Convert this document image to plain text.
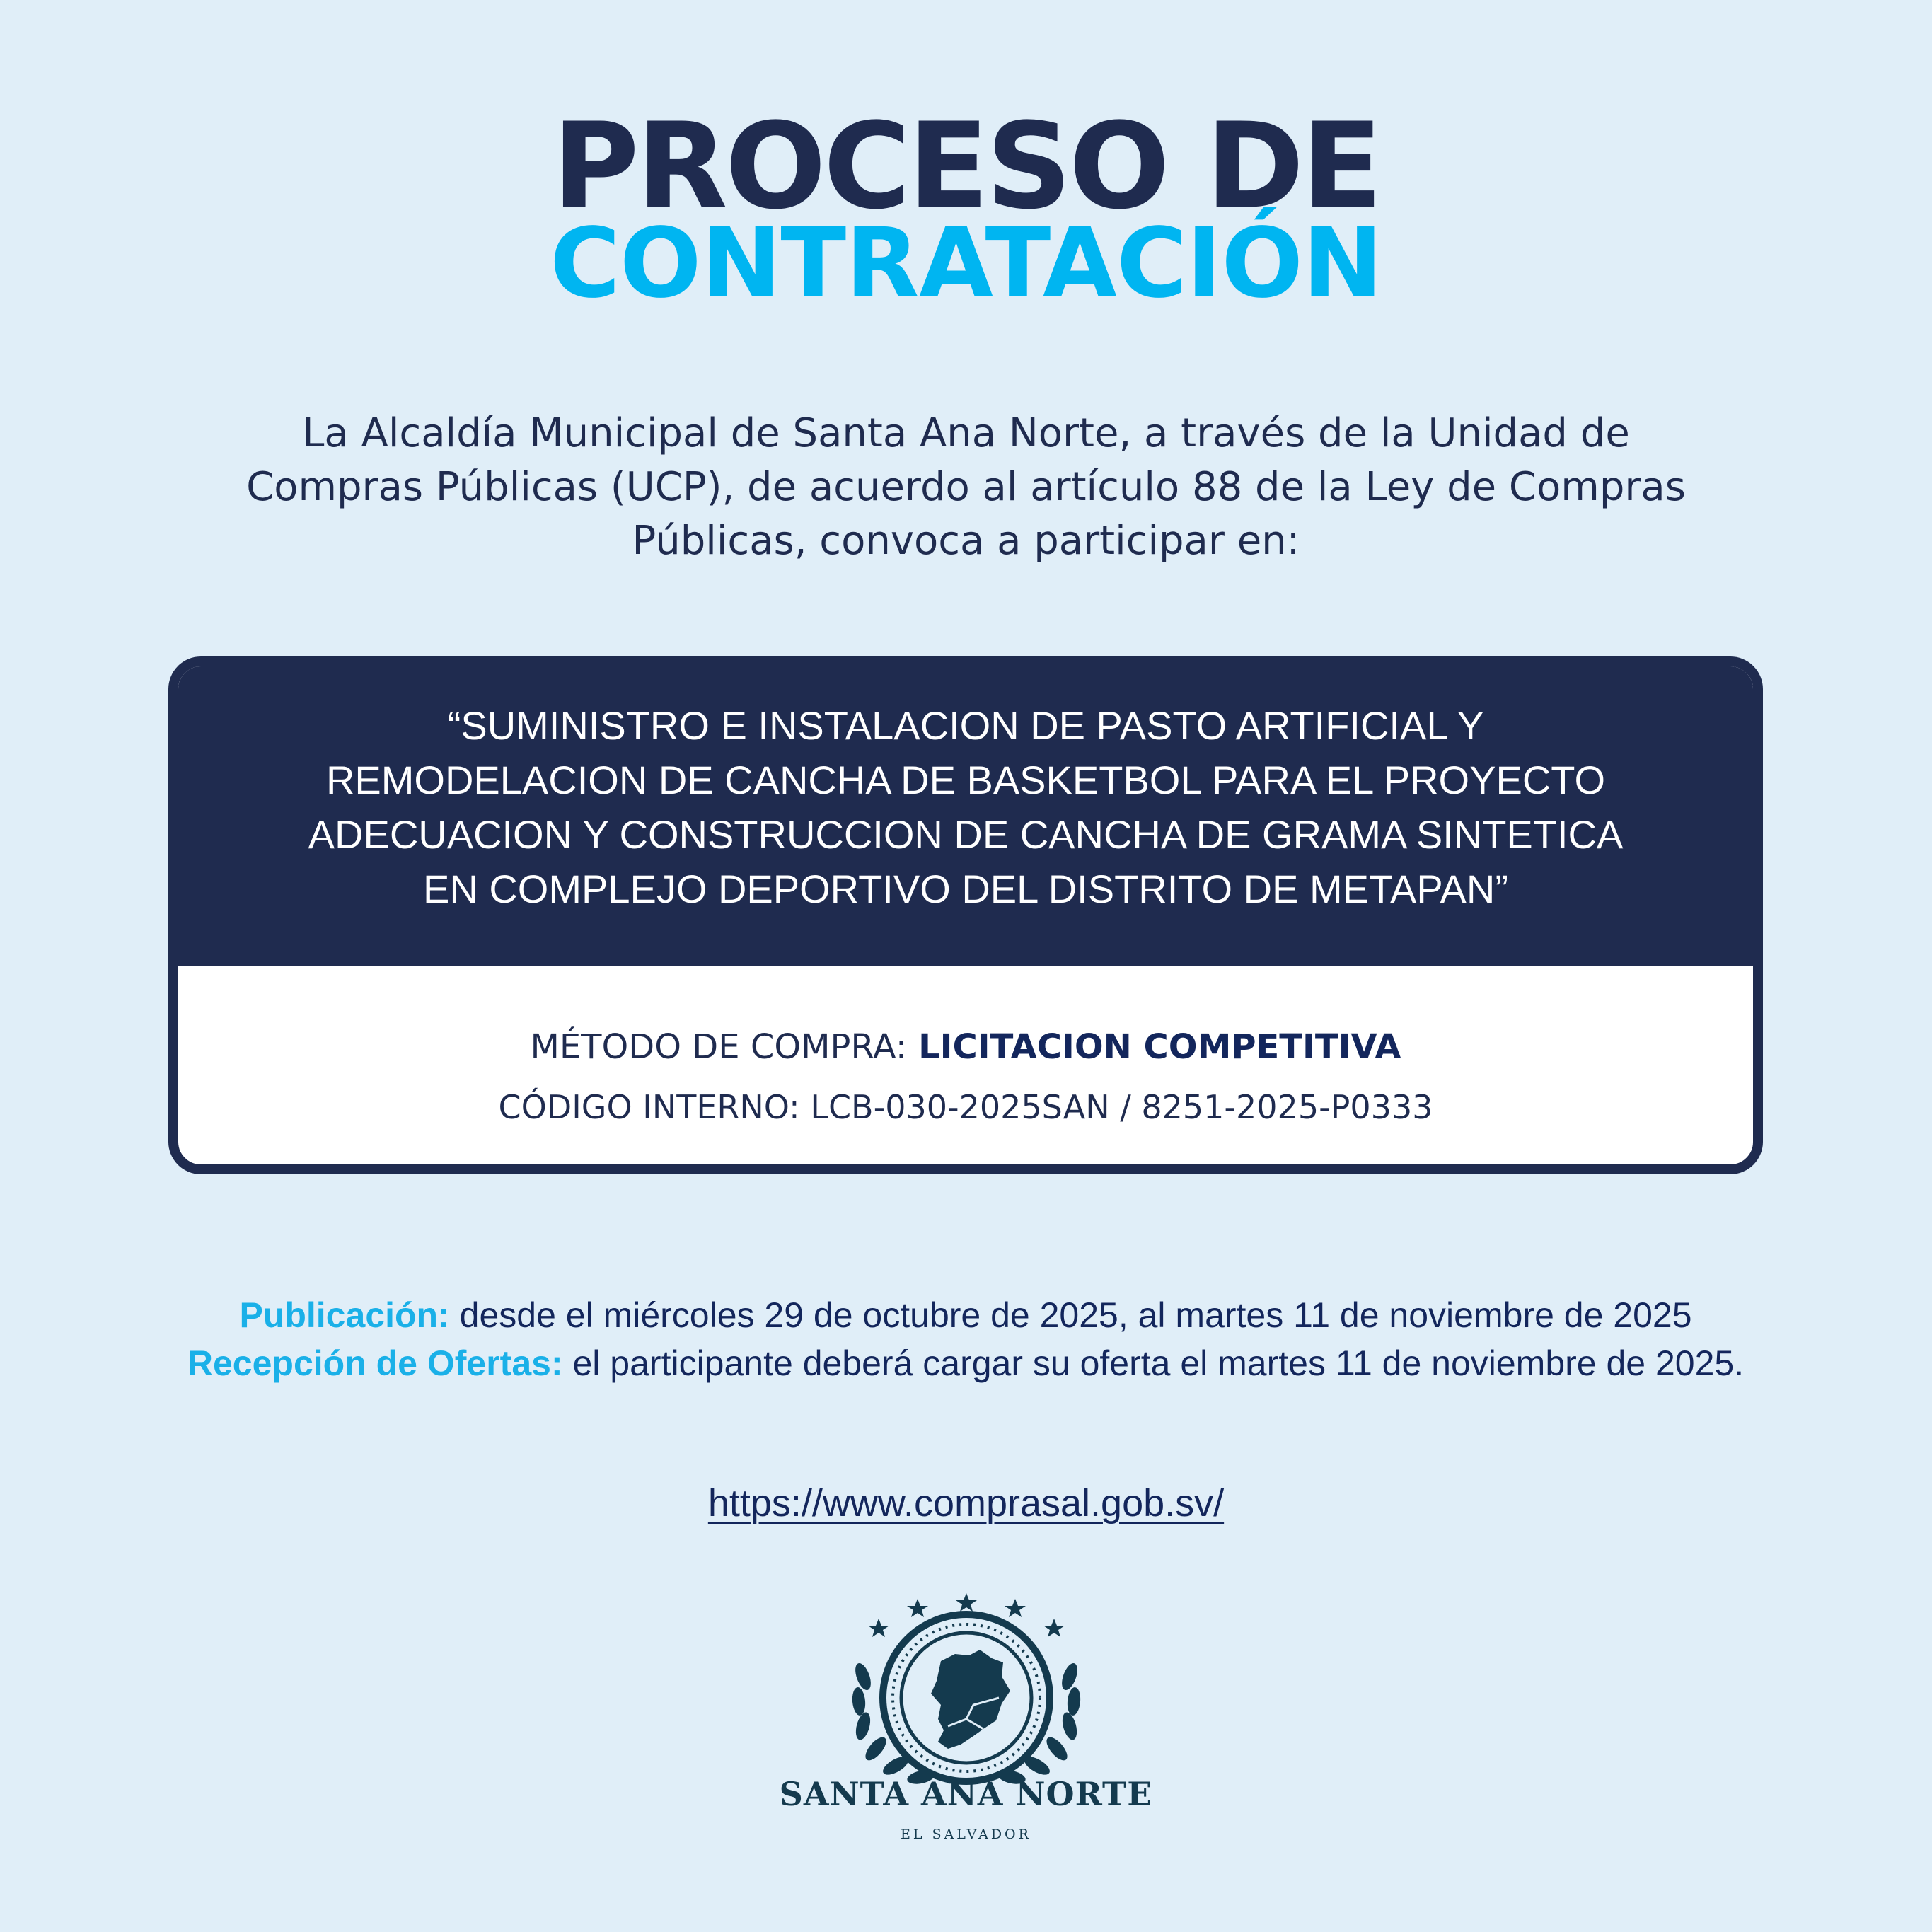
PROCESO DE
CONTRATACIÓN
La Alcaldía Municipal de Santa Ana Norte, a través de la Unidad de Compras Públicas (UCP), de acuerdo al artículo 88 de la Ley de Compras Públicas, convoca a participar en:
“SUMINISTRO E INSTALACION DE PASTO ARTIFICIAL Y REMODELACION DE CANCHA DE BASKETBOL PARA EL PROYECTO ADECUACION Y CONSTRUCCION DE CANCHA DE GRAMA SINTETICA EN COMPLEJO DEPORTIVO DEL DISTRITO DE METAPAN”
MÉTODO DE COMPRA: LICITACION COMPETITIVA
CÓDIGO INTERNO: LCB-030-2025SAN / 8251-2025-P0333
Publicación: desde el miércoles 29 de octubre de 2025, al martes 11 de noviembre de 2025
Recepción de Ofertas: el participante deberá cargar su oferta el martes 11 de noviembre de 2025.
https://www.comprasal.gob.sv/
SANTA ANA NORTE
EL SALVADOR
